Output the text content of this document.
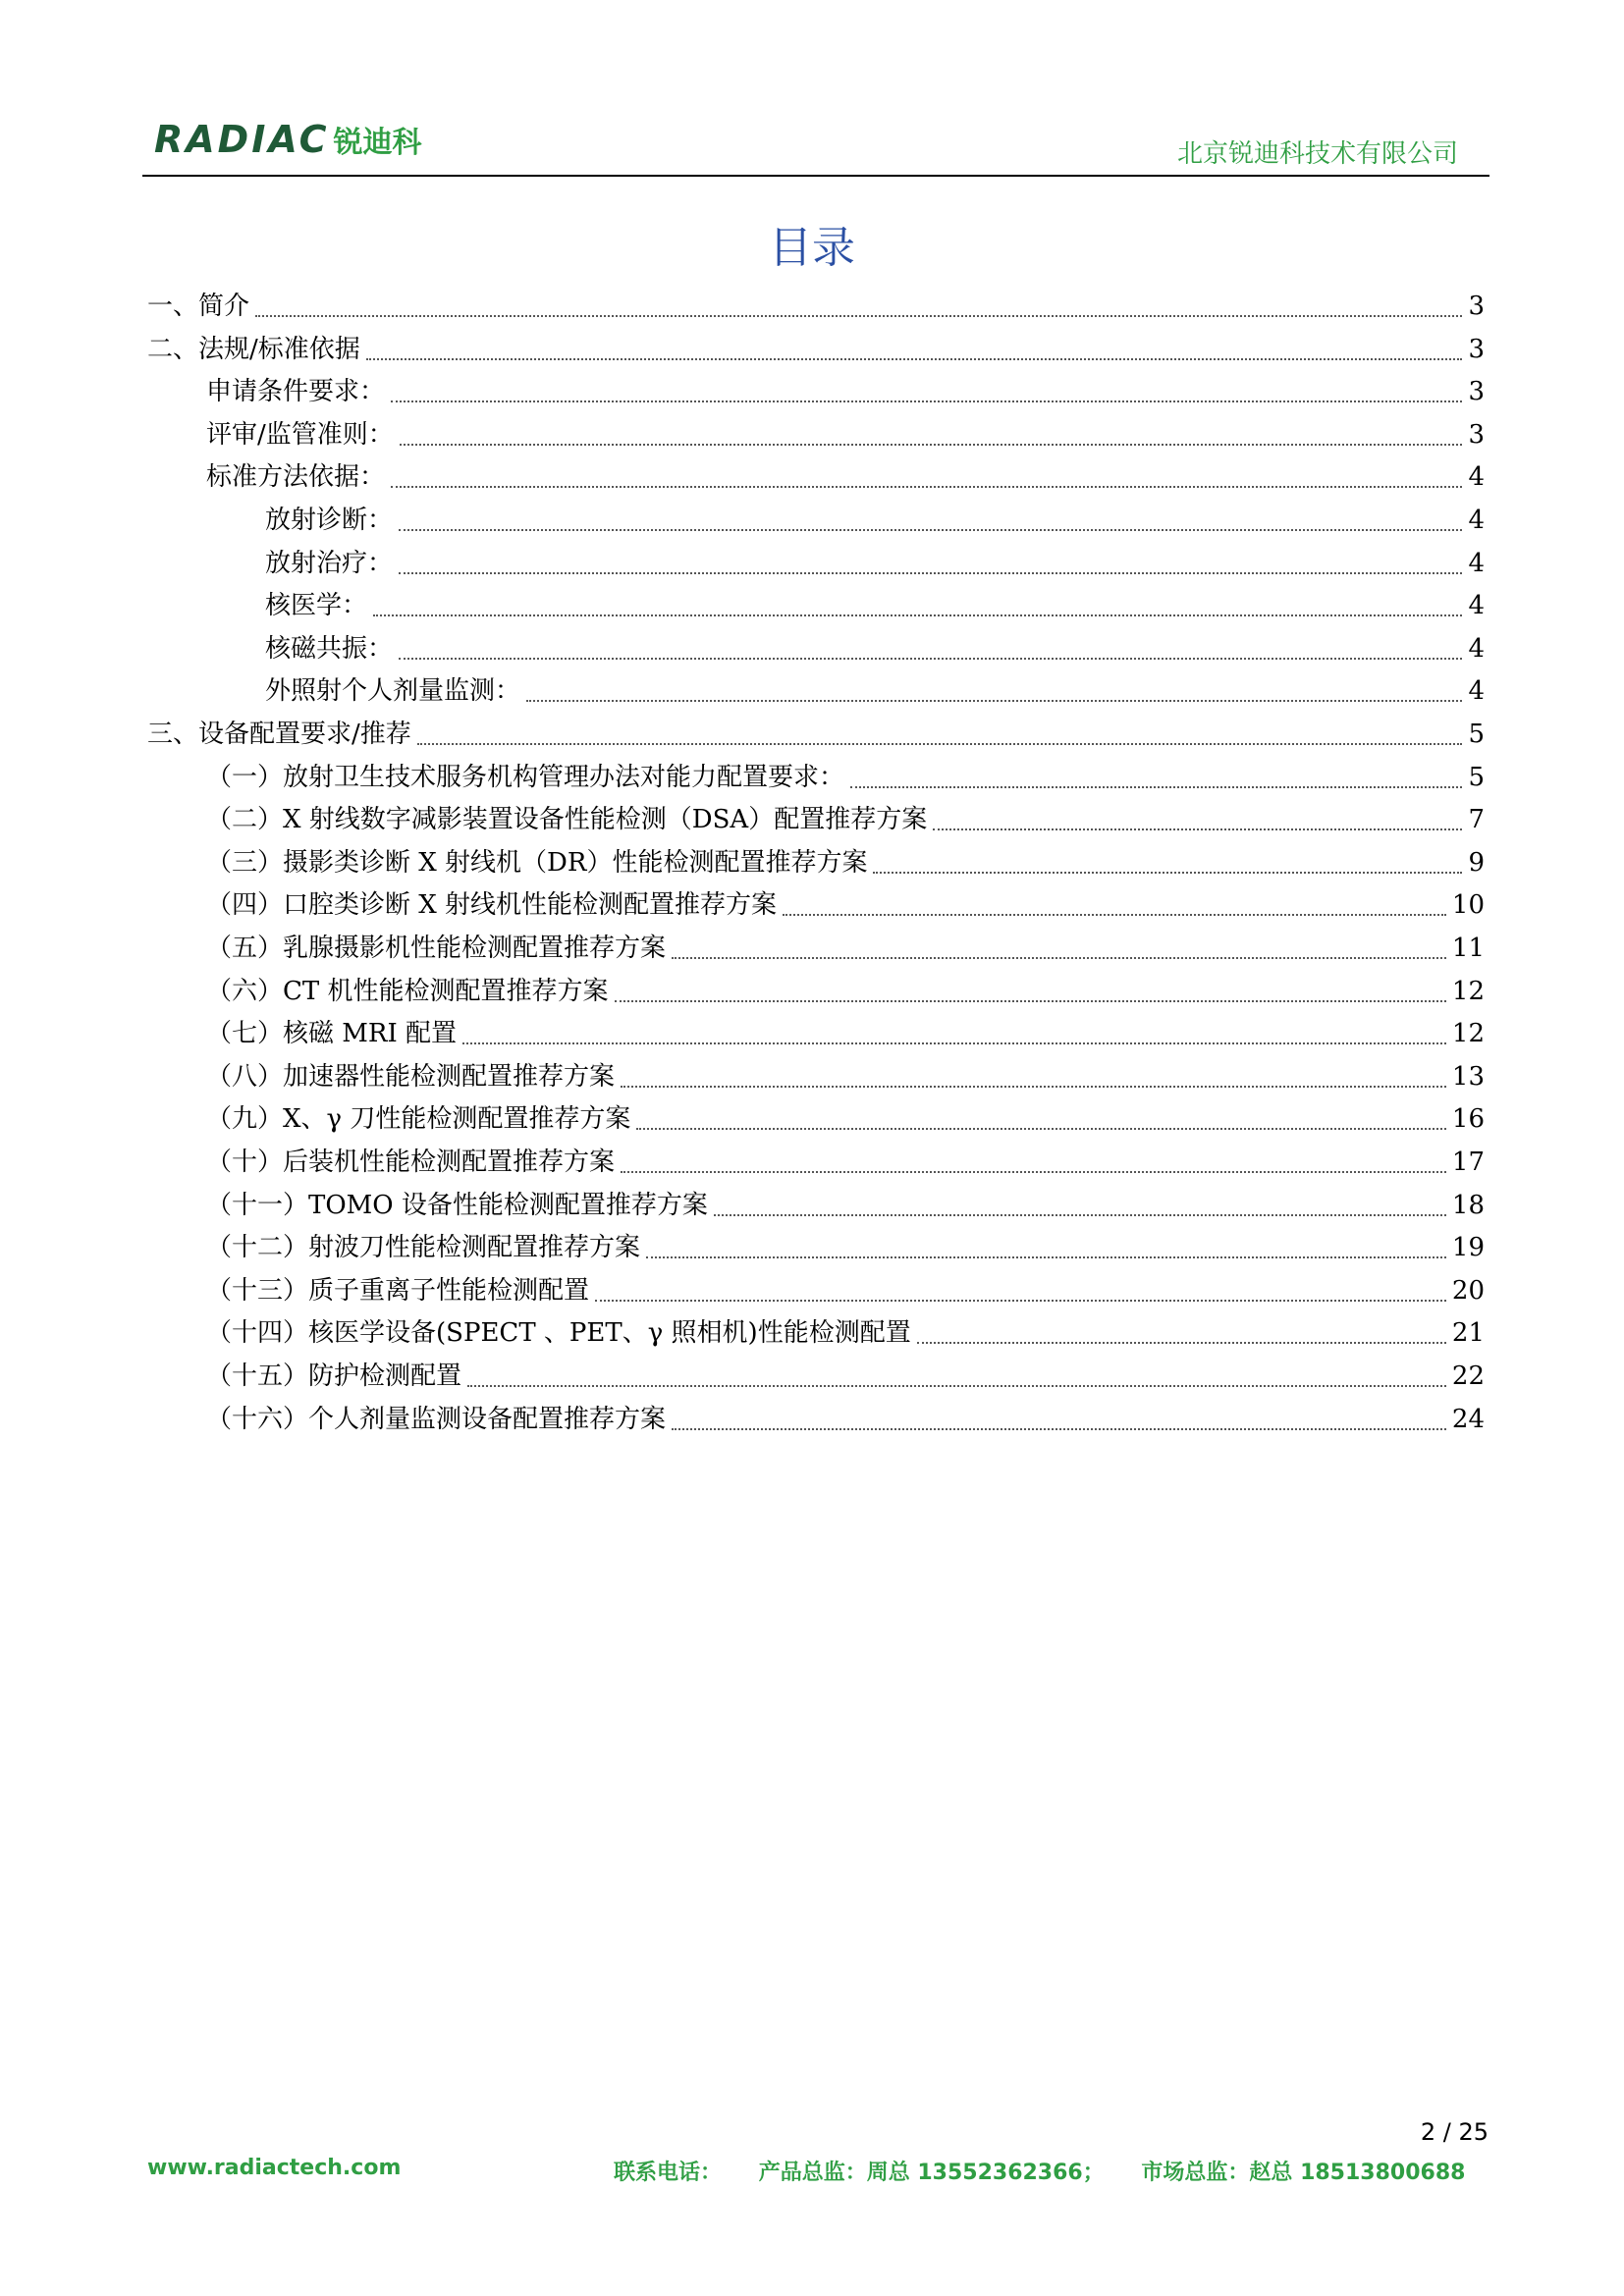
RADIAC 锐迪科	北京锐迪科技术有限公司
目录
一、简介	3
二、法规/标准依据	3
申请条件要求：	3
评审/监管准则：	3
标准方法依据：	4
放射诊断：	4
放射治疗：	4
核医学：	4
核磁共振：	4
外照射个人剂量监测：	4
三、设备配置要求/推荐	5
（一）放射卫生技术服务机构管理办法对能力配置要求：	5
（二）X 射线数字减影装置设备性能检测（DSA）配置推荐方案	7
（三）摄影类诊断 X 射线机（DR）性能检测配置推荐方案	9
（四）口腔类诊断 X 射线机性能检测配置推荐方案	10
（五）乳腺摄影机性能检测配置推荐方案	11
（六）CT 机性能检测配置推荐方案	12
（七）核磁 MRI 配置	12
（八）加速器性能检测配置推荐方案	13
（九）X、γ 刀性能检测配置推荐方案	16
（十）后装机性能检测配置推荐方案	17
（十一）TOMO 设备性能检测配置推荐方案	18
（十二）射波刀性能检测配置推荐方案	19
（十三）质子重离子性能检测配置	20
（十四）核医学设备(SPECT 、PET、γ 照相机)性能检测配置	21
（十五）防护检测配置	22
（十六）个人剂量监测设备配置推荐方案	24
2 / 25
www.radiactech.com	联系电话： 产品总监：周总 13552362366； 市场总监：赵总 18513800688
